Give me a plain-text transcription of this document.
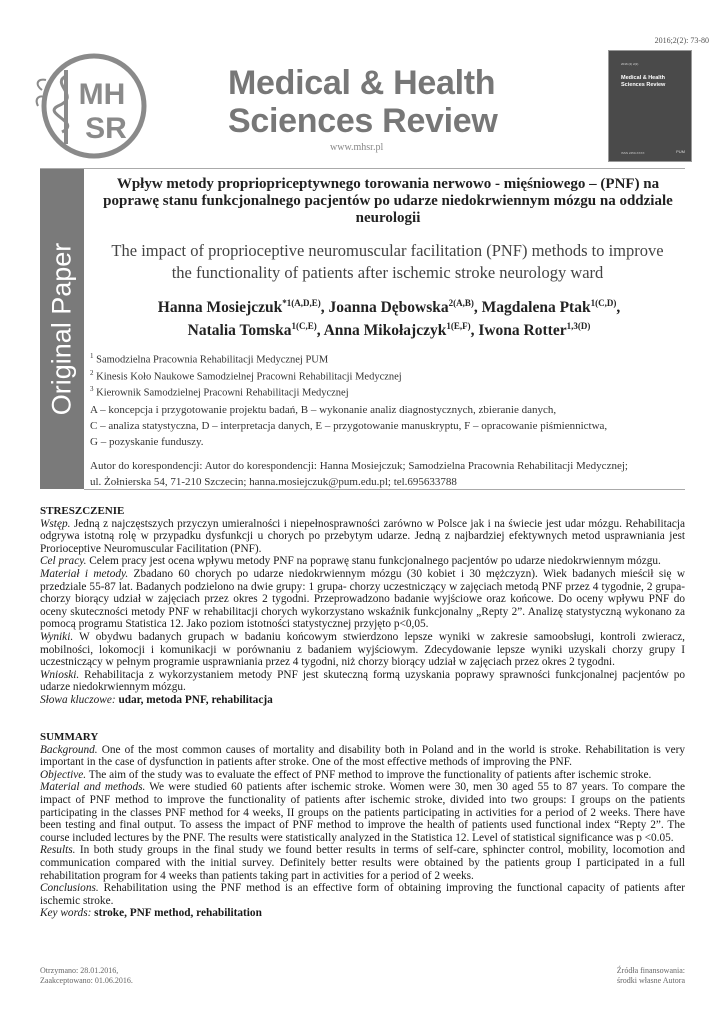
2016;2(2): 73-80
MH
SR
Medical & Health
Sciences Review
www.mhsr.pl
2016 (2) 2(2)
Medical & Health
Sciences Review
ISSN 2450-XXXX	PUM
Original Paper
Wpływ metody propriopriceptywnego torowania nerwowo - mięśniowego – (PNF) na poprawę stanu funkcjonalnego pacjentów po udarze niedokrwiennym mózgu na oddziale neurologii
The impact of proprioceptive neuromuscular facilitation (PNF) methods to improve the functionality of patients after ischemic stroke neurology ward
Hanna Mosiejczuk$^{*1(A,D,E)}$, Joanna Dębowska$^{2(A,B)}$, Magdalena Ptak$^{1(C,D)}$,
Natalia Tomska$^{1(C,E)}$, Anna Mikołajczyk$^{1(E,F)}$, Iwona Rotter$^{1,3(D)}$
$^1$ Samodzielna Pracownia Rehabilitacji Medycznej PUM
$^2$ Kinesis Koło Naukowe Samodzielnej Pracowni Rehabilitacji Medycznej
$^3$ Kierownik Samodzielnej Pracowni Rehabilitacji Medycznej
A – koncepcja i przygotowanie projektu badań, B – wykonanie analiz diagnostycznych, zbieranie danych,
C – analiza statystyczna, D – interpretacja danych, E – przygotowanie manuskryptu, F – opracowanie piśmiennictwa,
G – pozyskanie funduszy.
Autor do korespondencji: Autor do korespondencji: Hanna Mosiejczuk; Samodzielna Pracownia Rehabilitacji Medycznej;
ul. Żołnierska 54, 71-210 Szczecin; hanna.mosiejczuk@pum.edu.pl; tel.695633788
STRESZCZENIE

Wstęp. Jedną z najczęstszych przyczyn umieralności i niepełnosprawności zarówno w Polsce jak i na świecie jest udar mózgu. Rehabilitacja odgrywa istotną rolę w przypadku dysfunkcji u chorych po przebytym udarze. Jedną z najbardziej efektywnych metod usprawniania jest Prorioceptive Neuromuscular Facilitation (PNF).

Cel pracy. Celem pracy jest ocena wpływu metody PNF na poprawę stanu funkcjonalnego pacjentów po udarze niedokrwiennym mózgu.

Materiał i metody. Zbadano 60 chorych po udarze niedokrwiennym mózgu (30 kobiet i 30 mężczyzn). Wiek badanych mieścił się w przedziale 55-87 lat. Badanych podzielono na dwie grupy: 1 grupa- chorzy uczestniczący w zajęciach metodą PNF przez 4 tygodnie, 2 grupa- chorzy biorący udział w zajęciach przez okres 2 tygodni. Przeprowadzono badanie wyjściowe oraz końcowe. Do oceny wpływu PNF do oceny skuteczności metody PNF w rehabilitacji chorych wykorzystano wskaźnik funkcjonalny „Repty 2”. Analizę statystyczną wykonano za pomocą programu Statistica 12. Jako poziom istotności statystycznej przyjęto p<0,05.

Wyniki. W obydwu badanych grupach w badaniu końcowym stwierdzono lepsze wyniki w zakresie samoobsługi, kontroli zwieracz, mobilności, lokomocji i komunikacji w porównaniu z badaniem wyjściowym. Zdecydowanie lepsze wyniki uzyskali chorzy grupy I uczestniczący w pełnym programie usprawniania przez 4 tygodni, niż chorzy biorący udział w zajęciach przez okres 2 tygodni.

Wnioski. Rehabilitacja z wykorzystaniem metody PNF jest skuteczną formą uzyskania poprawy sprawności funkcjonalnej pacjentów po udarze niedokrwiennym mózgu.

Słowa kluczowe: udar, metoda PNF, rehabilitacja

SUMMARY

Background. One of the most common causes of mortality and disability both in Poland and in the world is stroke. Rehabilitation is very important in the case of dysfunction in patients after stroke. One of the most effective methods of improving the PNF.

Objective. The aim of the study was to evaluate the effect of PNF method to improve the functionality of patients after ischemic stroke.

Material and methods. We were studied 60 patients after ischemic stroke. Women were 30, men 30 aged 55 to 87 years. To compare the impact of PNF method to improve the functionality of patients after ischemic stroke, divided into two groups: I groups on the patients participating in the classes PNF method for 4 weeks, II groups on the patients participating in activities for a period of 2 weeks. There have been testing and final output. To assess the impact of PNF method to improve the health of patients used functional index “Repty 2”. The course included lectures by the PNF. The results were statistically analyzed in the Statistica 12. Level of statistical significance was p <0.05.

Results. In both study groups in the final study we found better results in terms of self-care, sphincter control, mobility, locomotion and communication compared with the initial survey. Definitely better results were obtained by the patients group I participated in a full rehabilitation program for 4 weeks than patients taking part in activities for a period of 2 weeks.

Conclusions. Rehabilitation using the PNF method is an effective form of obtaining improving the functional capacity of patients after ischemic stroke.

Key words: stroke, PNF method, rehabilitation

Otrzymano: 28.01.2016,
Zaakceptowano: 01.06.2016.
Źródła finansowania:
środki własne Autora
